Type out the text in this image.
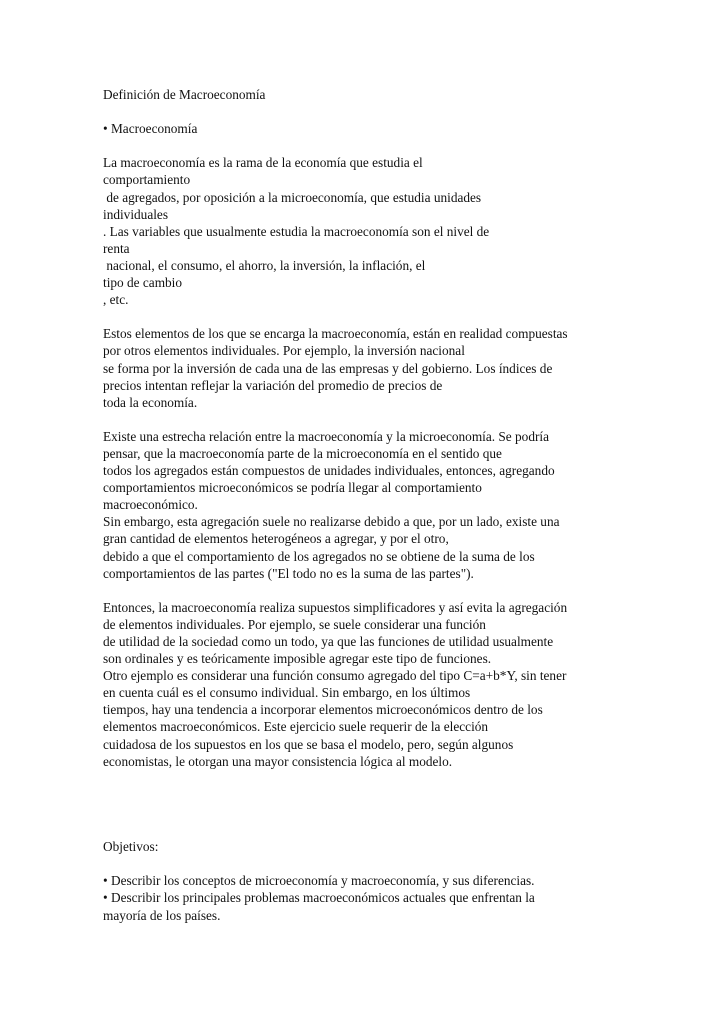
Definición de Macroeconomía
• Macroeconomía
La macroeconomía es la rama de la economía que estudia el
comportamiento
de agregados, por oposición a la microeconomía, que estudia unidades
individuales
. Las variables que usualmente estudia la macroeconomía son el nivel de
renta
nacional, el consumo, el ahorro, la inversión, la inflación, el
tipo de cambio
, etc.
Estos elementos de los que se encarga la macroeconomía, están en realidad compuestas
por otros elementos individuales. Por ejemplo, la inversión nacional
se forma por la inversión de cada una de las empresas y del gobierno. Los índices de
precios intentan reflejar la variación del promedio de precios de
toda la economía.
Existe una estrecha relación entre la macroeconomía y la microeconomía. Se podría
pensar, que la macroeconomía parte de la microeconomía en el sentido que
todos los agregados están compuestos de unidades individuales, entonces, agregando
comportamientos microeconómicos se podría llegar al comportamiento
macroeconómico.
Sin embargo, esta agregación suele no realizarse debido a que, por un lado, existe una
gran cantidad de elementos heterogéneos a agregar, y por el otro,
debido a que el comportamiento de los agregados no se obtiene de la suma de los
comportamientos de las partes ("El todo no es la suma de las partes").
Entonces, la macroeconomía realiza supuestos simplificadores y así evita la agregación
de elementos individuales. Por ejemplo, se suele considerar una función
de utilidad de la sociedad como un todo, ya que las funciones de utilidad usualmente
son ordinales y es teóricamente imposible agregar este tipo de funciones.
Otro ejemplo es considerar una función consumo agregado del tipo C=a+b*Y, sin tener
en cuenta cuál es el consumo individual. Sin embargo, en los últimos
tiempos, hay una tendencia a incorporar elementos microeconómicos dentro de los
elementos macroeconómicos. Este ejercicio suele requerir de la elección
cuidadosa de los supuestos en los que se basa el modelo, pero, según algunos
economistas, le otorgan una mayor consistencia lógica al modelo.
Objetivos:
• Describir los conceptos de microeconomía y macroeconomía, y sus diferencias.
• Describir los principales problemas macroeconómicos actuales que enfrentan la
mayoría de los países.
